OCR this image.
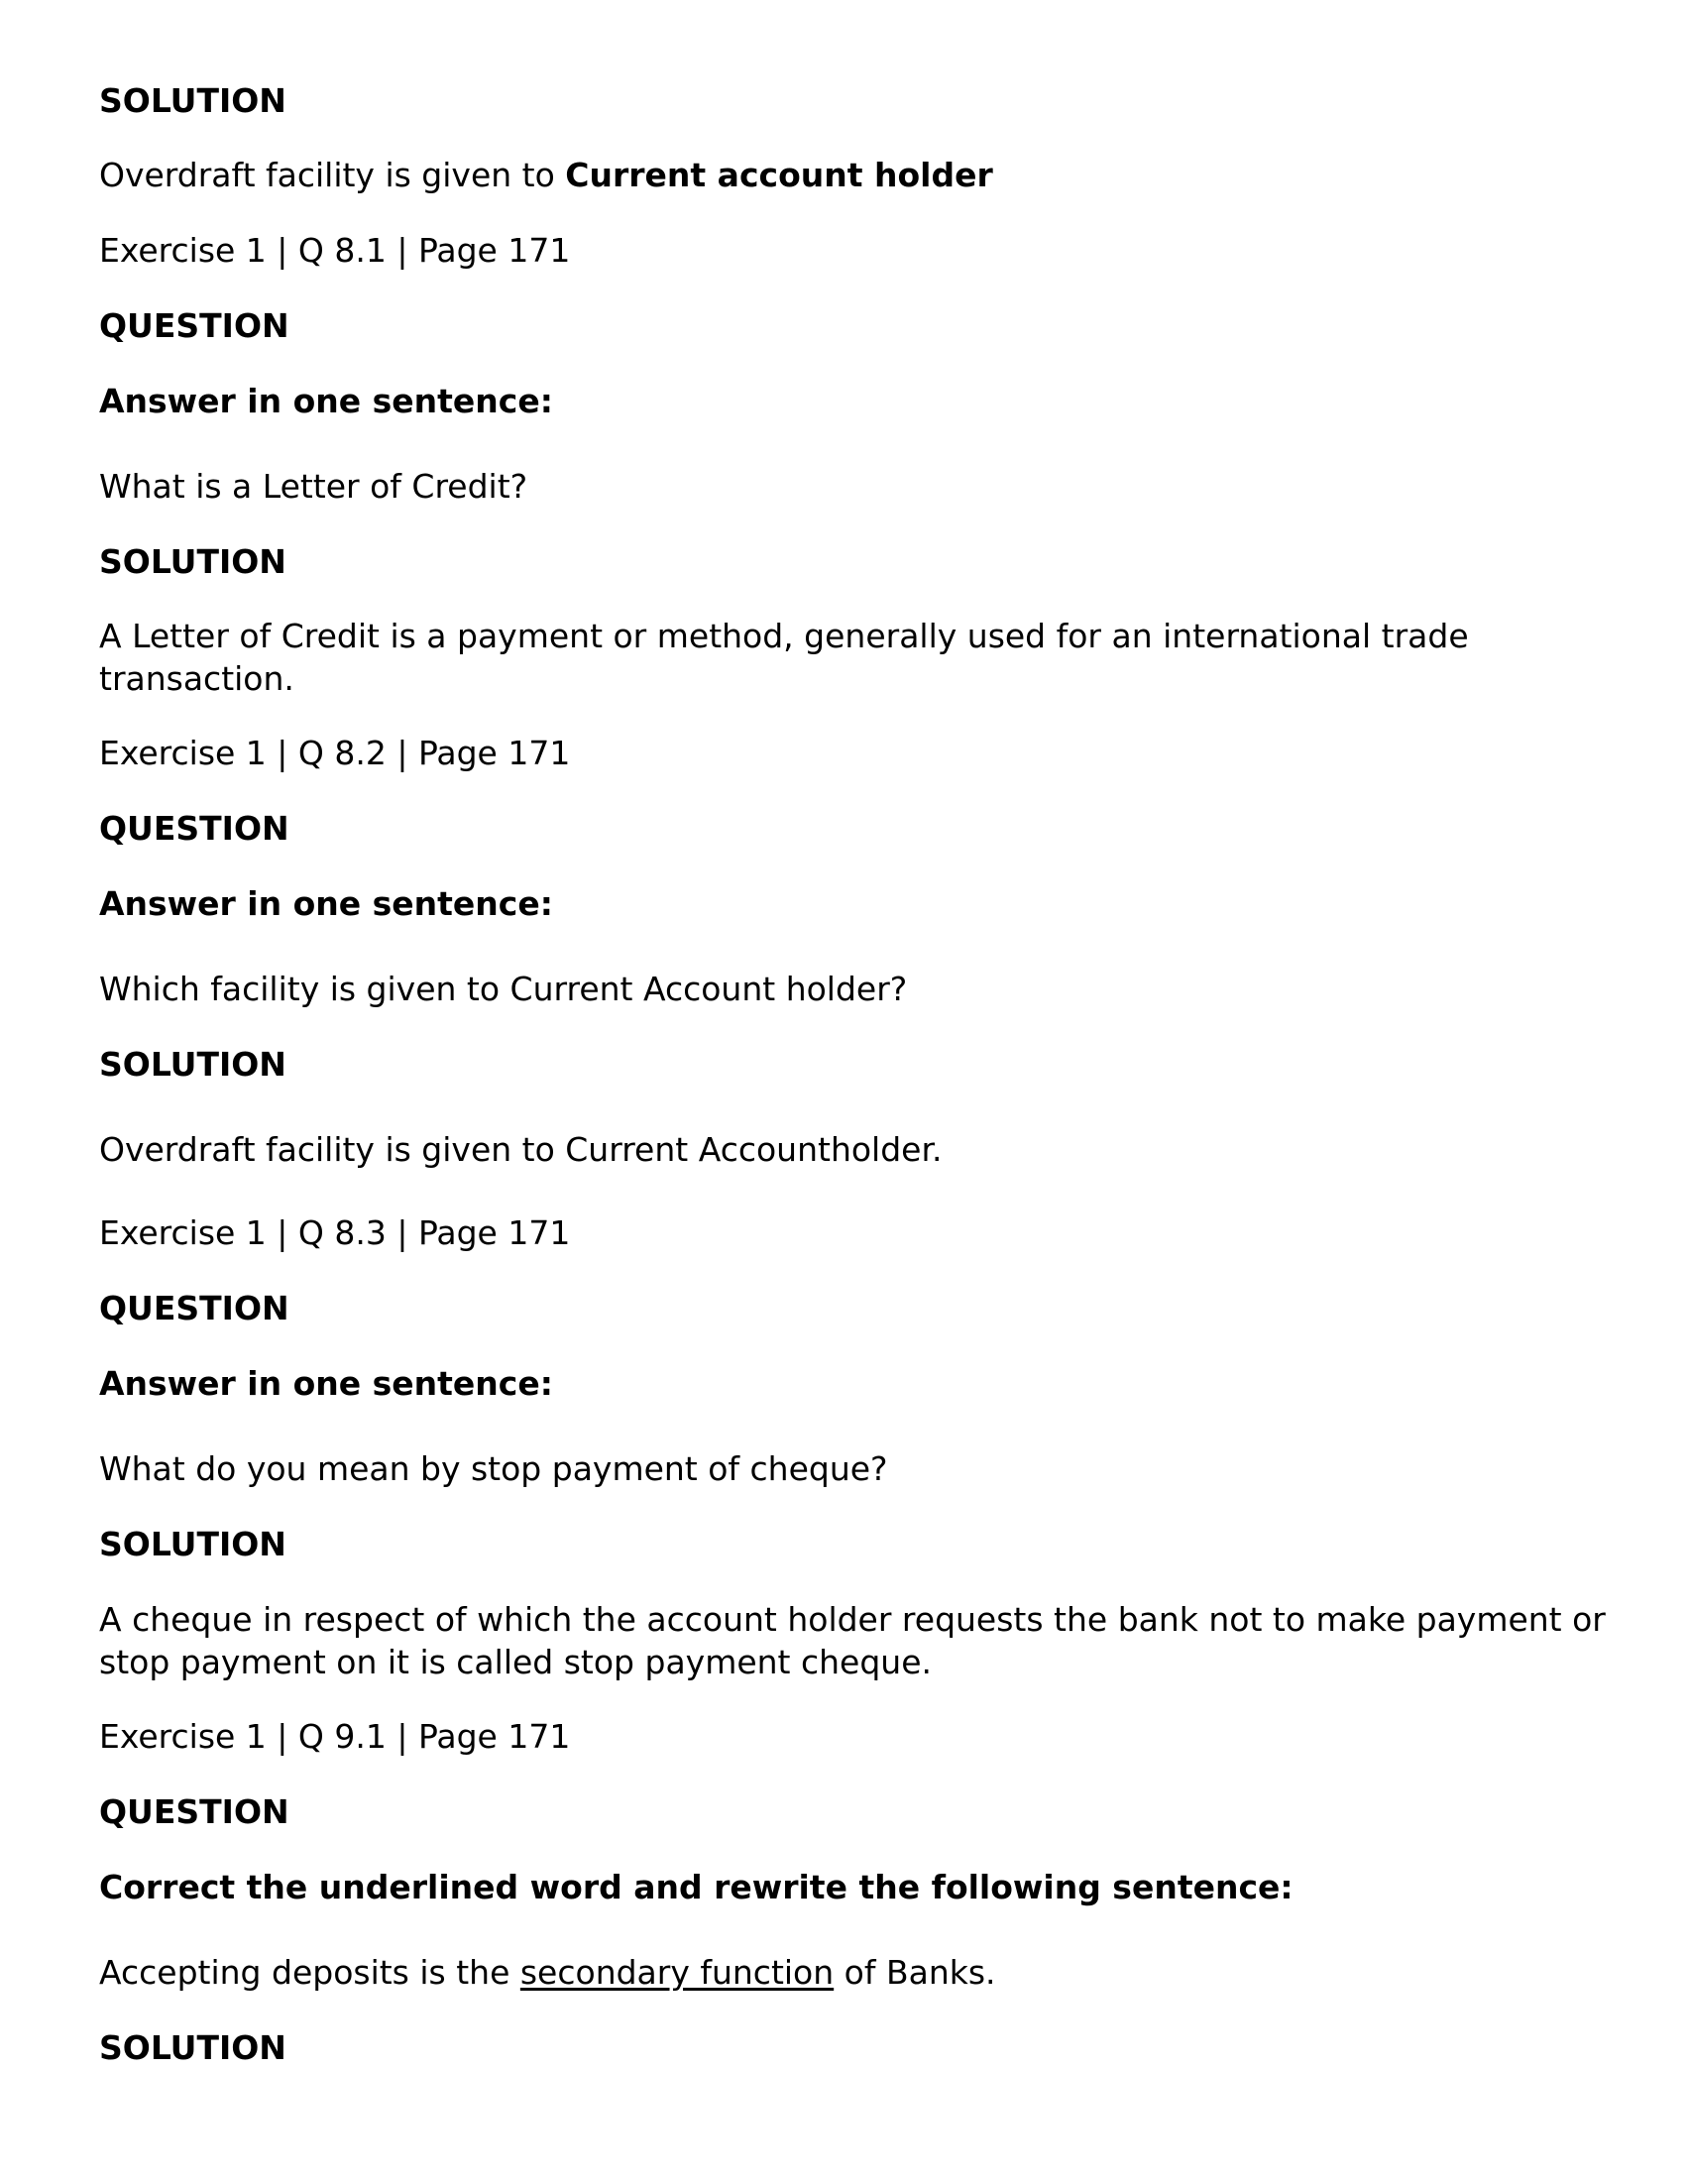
SOLUTION

Overdraft facility is given to Current account holder

Exercise 1 | Q 8.1 | Page 171

QUESTION

Answer in one sentence:

What is a Letter of Credit?

SOLUTION

A Letter of Credit is a payment or method, generally used for an international trade transaction.

Exercise 1 | Q 8.2 | Page 171

QUESTION

Answer in one sentence:

Which facility is given to Current Account holder?

SOLUTION

Overdraft facility is given to Current Accountholder.

Exercise 1 | Q 8.3 | Page 171

QUESTION

Answer in one sentence:

What do you mean by stop payment of cheque?

SOLUTION

A cheque in respect of which the account holder requests the bank not to make payment or stop payment on it is called stop payment cheque.

Exercise 1 | Q 9.1 | Page 171

QUESTION

Correct the underlined word and rewrite the following sentence:

Accepting deposits is the secondary function of Banks.

SOLUTION
